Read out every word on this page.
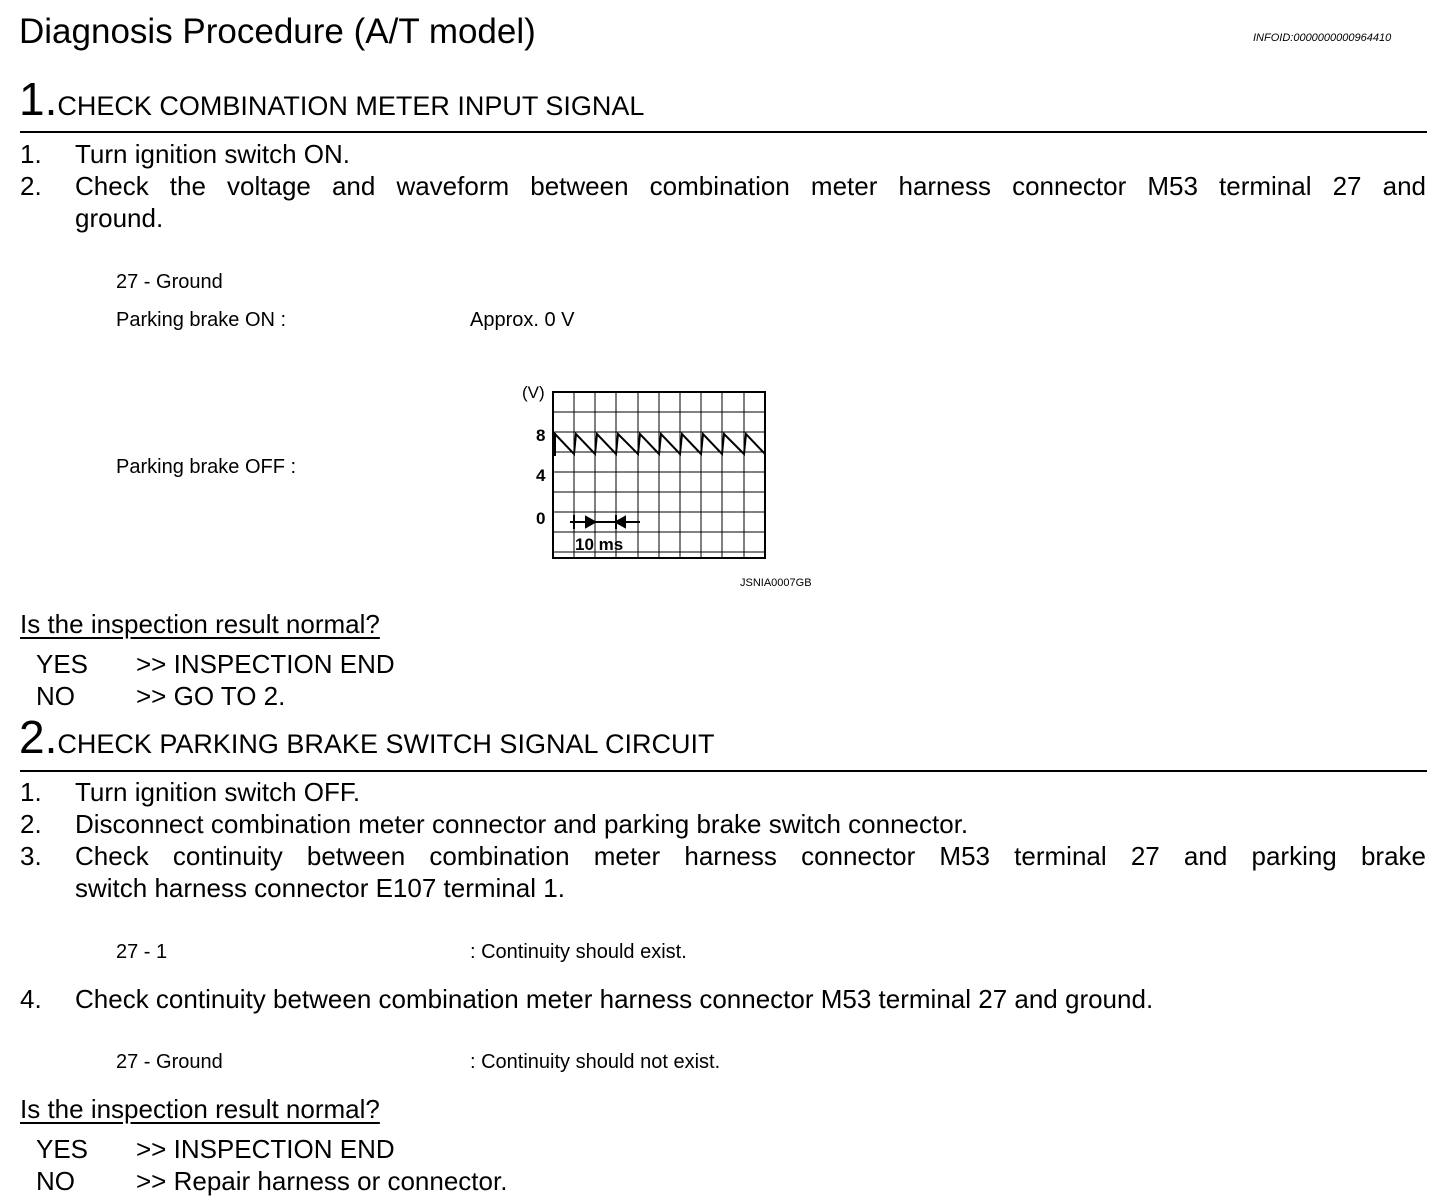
Diagnosis Procedure (A/T model)	INFOID:0000000000964410
1.CHECK COMBINATION METER INPUT SIGNAL
1. Turn ignition switch ON.
2. Check the voltage and waveform between combination meter harness connector M53 terminal 27 and
ground.
27 - Ground
Parking brake ON :	Approx. 0 V
Parking brake OFF :
(V)
8
4
0
10 ms
JSNIA0007GB
Is the inspection result normal?
YES >> INSPECTION END
NO >> GO TO 2.
2.CHECK PARKING BRAKE SWITCH SIGNAL CIRCUIT
1. Turn ignition switch OFF.
2. Disconnect combination meter connector and parking brake switch connector.
3. Check continuity between combination meter harness connector M53 terminal 27 and parking brake
switch harness connector E107 terminal 1.
27 - 1	: Continuity should exist.
4. Check continuity between combination meter harness connector M53 terminal 27 and ground.
27 - Ground	: Continuity should not exist.
Is the inspection result normal?
YES >> INSPECTION END
NO >> Repair harness or connector.
